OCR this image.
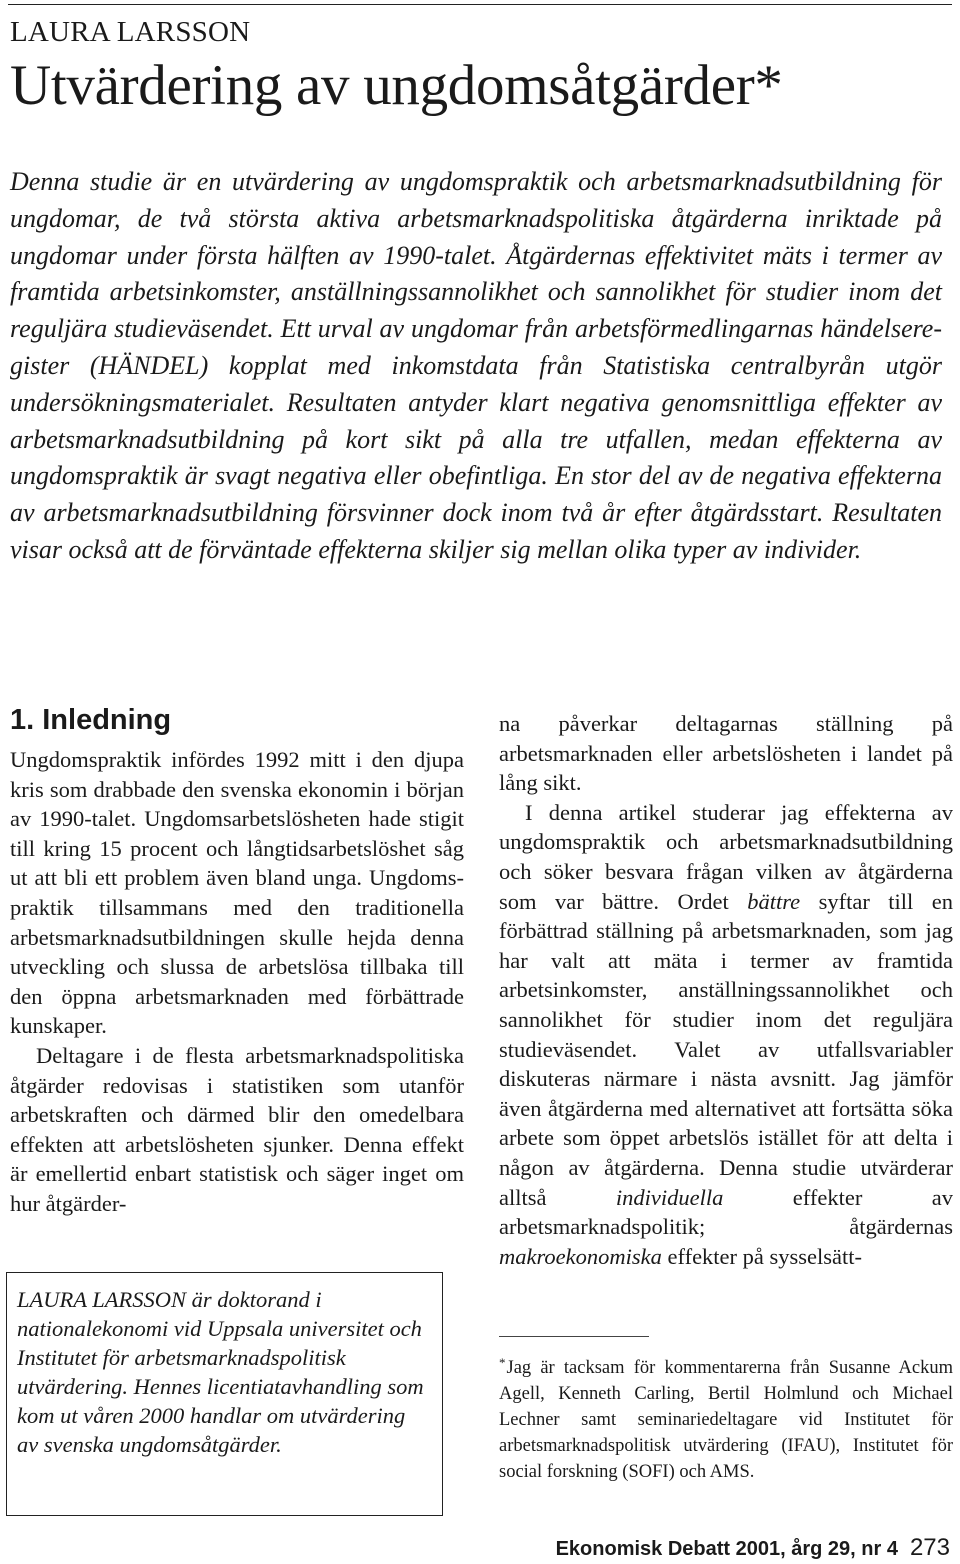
LAURA LARSSON
Utvärdering av ungdomsåtgärder*

Denna studie är en utvärdering av ungdomspraktik och arbetsmarknadsutbildning för ungdomar, de två största aktiva arbetsmarknadspolitiska åtgärderna inriktade på ungdomar under första hälften av 1990-talet. Åtgärdernas effektivitet mäts i termer av framtida arbetsinkomster, anställningssannolikhet och sannolikhet för studier inom det reguljära studieväsendet. Ett urval av ungdomar från arbetsförmedlingarnas händelseregister (HÄNDEL) kopplat med inkomstdata från Statistiska centralbyrån utgör undersökningsmaterialet. Resultaten antyder klart negativa genomsnittliga effekter av arbetsmarknadsutbildning på kort sikt på alla tre utfallen, medan effekterna av ungdomspraktik är svagt negativa eller obefintliga. En stor del av de negativa effekterna av arbetsmarknadsutbildning försvinner dock inom två år efter åtgärdsstart. Resultaten visar också att de förväntade effekterna skiljer sig mellan olika typer av individer.

1. Inledning

Ungdomspraktik infördes 1992 mitt i den djupa kris som drabbade den svenska ekonomin i början av 1990-talet. Ungdomsarbetslösheten hade stigit till kring 15 procent och långtidsarbetslöshet såg ut att bli ett problem även bland unga. Ungdomspraktik tillsammans med den traditionella arbetsmarknadsutbildningen skulle hejda denna utveckling och slussa de arbetslösa tillbaka till den öppna arbetsmarknaden med förbättrade kunskaper.

Deltagare i de flesta arbetsmarknadspolitiska åtgärder redovisas i statistiken som utanför arbetskraften och därmed blir den omedelbara effekten att arbetslösheten sjunker. Denna effekt är emellertid enbart statistisk och säger inget om hur åtgärder-

LAURA LARSSON är doktorand i nationalekonomi vid Uppsala universitet och Institutet för arbetsmarknadspolitisk utvärdering. Hennes licentiatavhandling som kom ut våren 2000 handlar om utvärdering av svenska ungdomsåtgärder.

na påverkar deltagarnas ställning på arbetsmarknaden eller arbetslösheten i landet på lång sikt.

I denna artikel studerar jag effekterna av ungdomspraktik och arbetsmarknadsutbildning och söker besvara frågan vilken av åtgärderna som var bättre. Ordet bättre syftar till en förbättrad ställning på arbetsmarknaden, som jag har valt att mäta i termer av framtida arbetsinkomster, anställningssannolikhet och sannolikhet för studier inom det reguljära studieväsendet. Valet av utfallsvariabler diskuteras närmare i nästa avsnitt. Jag jämför även åtgärderna med alternativet att fortsätta söka arbete som öppet arbetslös istället för att delta i någon av åtgärderna. Denna studie utvärderar alltså individuella effekter av arbetsmarknadspolitik; åtgärdernas makroekonomiska effekter på sysselsätt-

*Jag är tacksam för kommentarerna från Susanne Ackum Agell, Kenneth Carling, Bertil Holmlund och Michael Lechner samt seminariedeltagare vid Institutet för arbetsmarknadspolitisk utvärdering (IFAU), Institutet för social forskning (SOFI) och AMS.

Ekonomisk Debatt 2001, årg 29, nr 4 273
